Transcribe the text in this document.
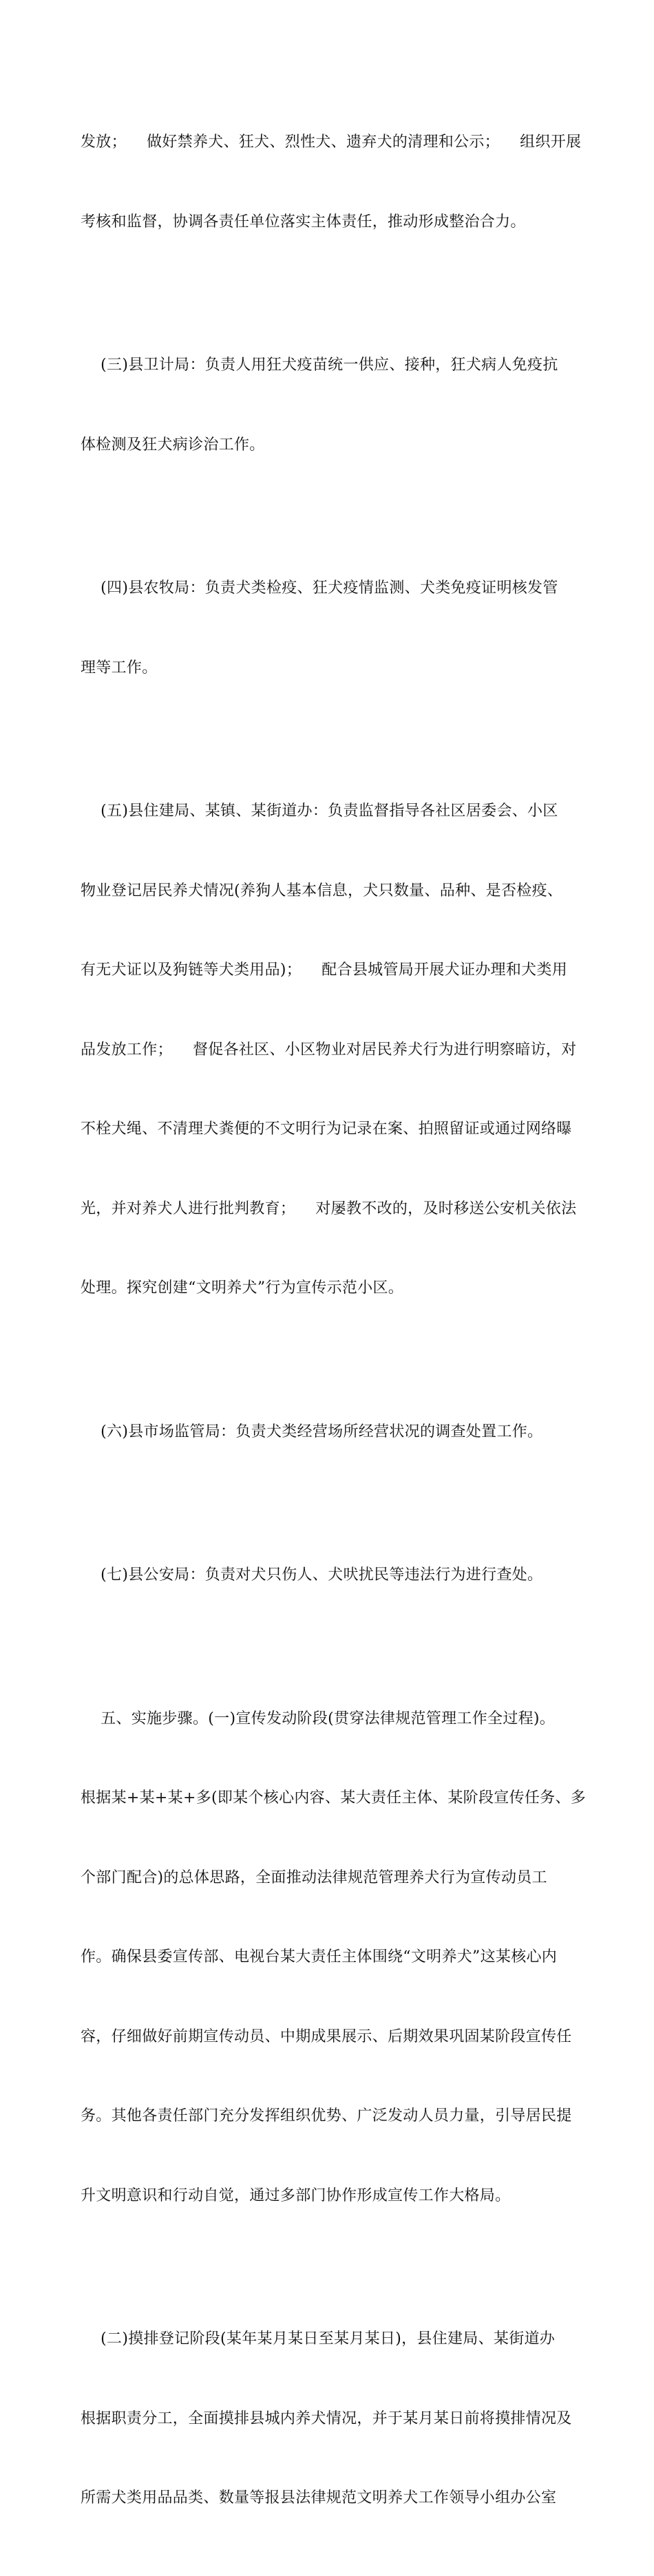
发放；    做好禁养犬、狂犬、烈性犬、遗弃犬的清理和公示；    组织开展

考核和监督，协调各责任单位落实主体责任，推动形成整治合力。

(三)县卫计局：负责人用狂犬疫苗统一供应、接种，狂犬病人免疫抗

体检测及狂犬病诊治工作。

(四)县农牧局：负责犬类检疫、狂犬疫情监测、犬类免疫证明核发管

理等工作。

(五)县住建局、某镇、某街道办：负责监督指导各社区居委会、小区

物业登记居民养犬情况(养狗人基本信息，犬只数量、品种、是否检疫、

有无犬证以及狗链等犬类用品)；    配合县城管局开展犬证办理和犬类用

品发放工作；    督促各社区、小区物业对居民养犬行为进行明察暗访，对

不栓犬绳、不清理犬粪便的不文明行为记录在案、拍照留证或通过网络曝

光，并对养犬人进行批判教育；    对屡教不改的，及时移送公安机关依法

处理。探究创建“文明养犬”行为宣传示范小区。

(六)县市场监管局：负责犬类经营场所经营状况的调查处置工作。

(七)县公安局：负责对犬只伤人、犬吠扰民等违法行为进行查处。

五、实施步骤。(一)宣传发动阶段(贯穿法律规范管理工作全过程)。

根据某+某+某+多(即某个核心内容、某大责任主体、某阶段宣传任务、多

个部门配合)的总体思路，全面推动法律规范管理养犬行为宣传动员工

作。确保县委宣传部、电视台某大责任主体围绕“文明养犬”这某核心内

容，仔细做好前期宣传动员、中期成果展示、后期效果巩固某阶段宣传任

务。其他各责任部门充分发挥组织优势、广泛发动人员力量，引导居民提

升文明意识和行动自觉，通过多部门协作形成宣传工作大格局。

(二)摸排登记阶段(某年某月某日至某月某日)，县住建局、某街道办

根据职责分工，全面摸排县城内养犬情况，并于某月某日前将摸排情况及

所需犬类用品品类、数量等报县法律规范文明养犬工作领导小组办公室
